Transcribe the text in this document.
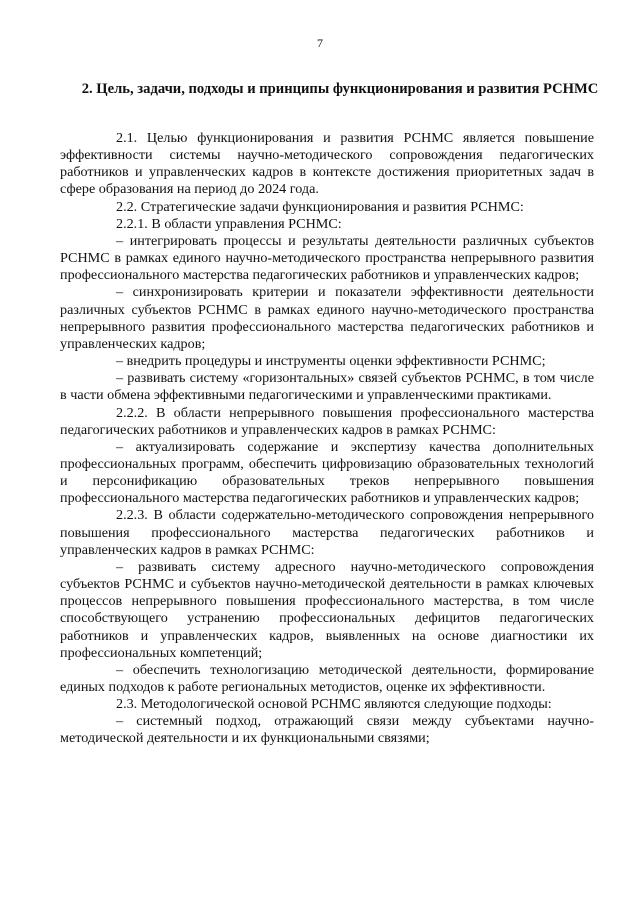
7
2. Цель, задачи, подходы и принципы функционирования и развития РСНМС

2.1. Целью функционирования и развития РСНМС является повышение эффективности системы научно-методического сопровождения педагогических работников и управленческих кадров в контексте достижения приоритетных задач в сфере образования на период до 2024 года.

2.2. Стратегические задачи функционирования и развития РСНМС:

2.2.1. В области управления РСНМС:

– интегрировать процессы и результаты деятельности различных субъектов РСНМС в рамках единого научно-методического пространства непрерывного развития профессионального мастерства педагогических работников и управленческих кадров;

– синхронизировать критерии и показатели эффективности деятельности различных субъектов РСНМС в рамках единого научно-методического пространства непрерывного развития профессионального мастерства педагогических работников и управленческих кадров;

– внедрить процедуры и инструменты оценки эффективности РСНМС;

– развивать систему «горизонтальных» связей субъектов РСНМС, в том числе в части обмена эффективными педагогическими и управленческими практиками.

2.2.2. В области непрерывного повышения профессионального мастерства педагогических работников и управленческих кадров в рамках РСНМС:

– актуализировать содержание и экспертизу качества дополнительных профессиональных программ, обеспечить цифровизацию образовательных технологий и персонификацию образовательных треков непрерывного повышения профессионального мастерства педагогических работников и управленческих кадров;

2.2.3. В области содержательно-методического сопровождения непрерывного повышения профессионального мастерства педагогических работников и управленческих кадров в рамках РСНМС:

– развивать систему адресного научно-методического сопровождения субъектов РСНМС и субъектов научно-методической деятельности в рамках ключевых процессов непрерывного повышения профессионального мастерства, в том числе способствующего устранению профессиональных дефицитов педагогических работников и управленческих кадров, выявленных на основе диагностики их профессиональных компетенций;

– обеспечить технологизацию методической деятельности, формирование единых подходов к работе региональных методистов, оценке их эффективности.

2.3. Методологической основой РСНМС являются следующие подходы:

– системный подход, отражающий связи между субъектами научно-методической деятельности и их функциональными связями;
